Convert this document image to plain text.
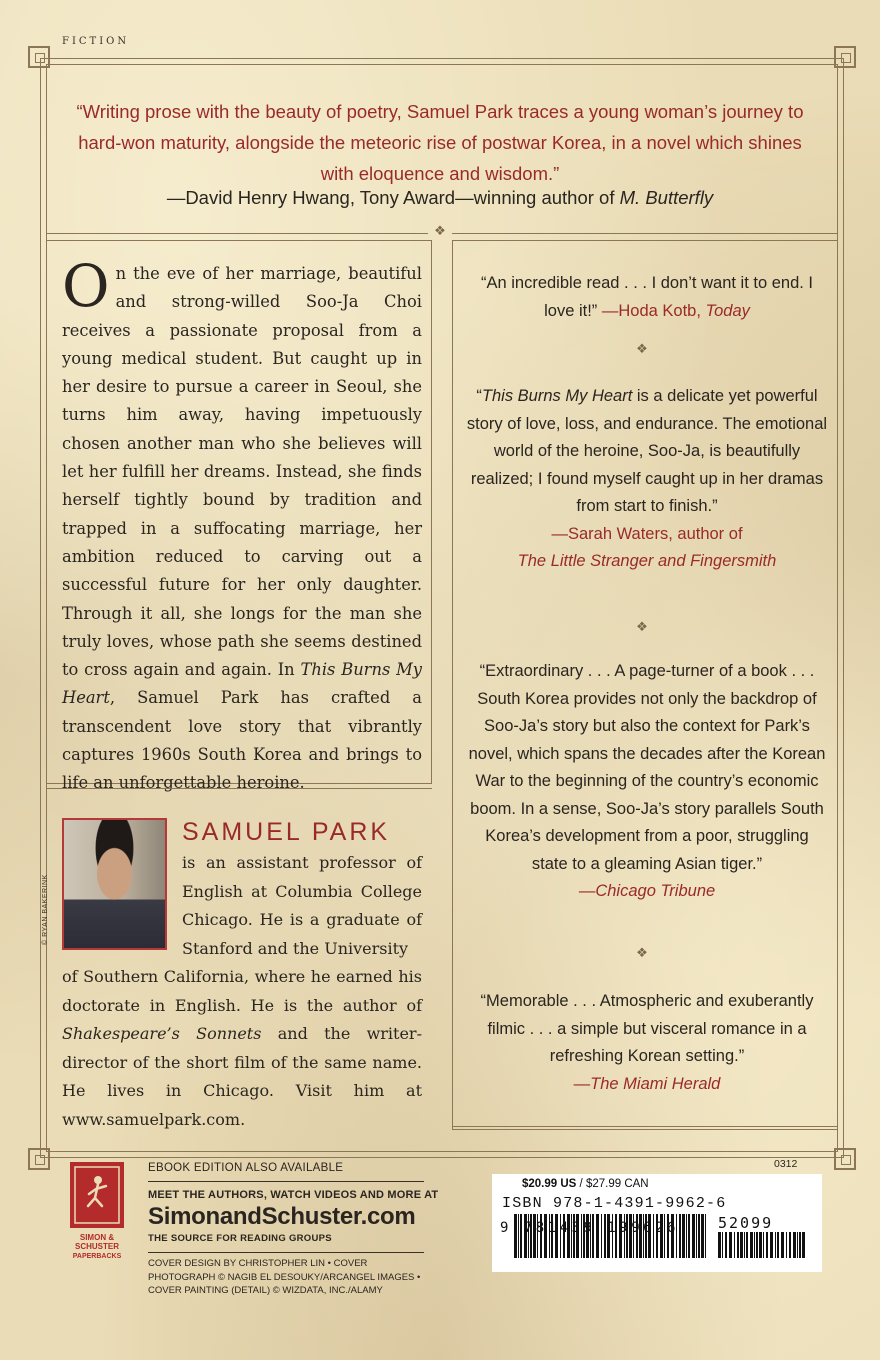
FICTION
“Writing prose with the beauty of poetry, Samuel Park traces a young woman’s journey to hard-won maturity, alongside the meteoric rise of postwar Korea, in a novel which shines with eloquence and wisdom.”
—David Henry Hwang, Tony Award—winning author of M. Butterfly
❖
On the eve of her marriage, beautiful and strong-willed Soo-Ja Choi receives a passionate proposal from a young medical student. But caught up in her desire to pursue a career in Seoul, she turns him away, having impetuously chosen another man who she believes will let her fulfill her dreams. Instead, she finds herself tightly bound by tradition and trapped in a suffocating marriage, her ambition reduced to carving out a successful future for her only daughter. Through it all, she longs for the man she truly loves, whose path she seems destined to cross again and again. In This Burns My Heart, Samuel Park has crafted a transcendent love story that vibrantly captures 1960s South Korea and brings to life an unforgettable heroine.
© RYAN BAKERINK
SAMUEL PARK
is an assistant professor of English at Columbia College Chicago. He is a graduate of Stanford and the University
of Southern California, where he earned his doctorate in English. He is the author of Shakespeare’s Sonnets and the writer-director of the short film of the same name. He lives in Chicago. Visit him at www.samuelpark.com.
“An incredible read . . . I don’t want it to end. I love it!” —Hoda Kotb, Today
❖
“This Burns My Heart is a delicate yet powerful story of love, loss, and endurance. The emotional world of the heroine, Soo-Ja, is beautifully realized; I found myself caught up in her dramas from start to finish.”
—Sarah Waters, author of
The Little Stranger and Fingersmith
❖
“Extraordinary . . . A page-turner of a book . . . South Korea provides not only the backdrop of Soo-Ja’s story but also the context for Park’s novel, which spans the decades after the Korean War to the beginning of the country’s economic boom. In a sense, Soo-Ja’s story parallels South Korea’s development from a poor, struggling state to a gleaming Asian tiger.”
—Chicago Tribune
❖
“Memorable . . . Atmospheric and exuberantly filmic . . . a simple but visceral romance in a refreshing Korean setting.”
—The Miami Herald
SIMON &
SCHUSTER
PAPERBACKS
EBOOK EDITION ALSO AVAILABLE
MEET THE AUTHORS, WATCH VIDEOS AND MORE AT
SimonandSchuster.com
THE SOURCE FOR READING GROUPS
COVER DESIGN BY CHRISTOPHER LIN • COVER PHOTOGRAPH © NAGIB EL DESOUKY/ARCANGEL IMAGES • COVER PAINTING (DETAIL) © WIZDATA, INC./ALAMY
0312
$20.99 US / $27.99 CAN
ISBN 978-1-4391-9962-6
52099
9 781439 199626
